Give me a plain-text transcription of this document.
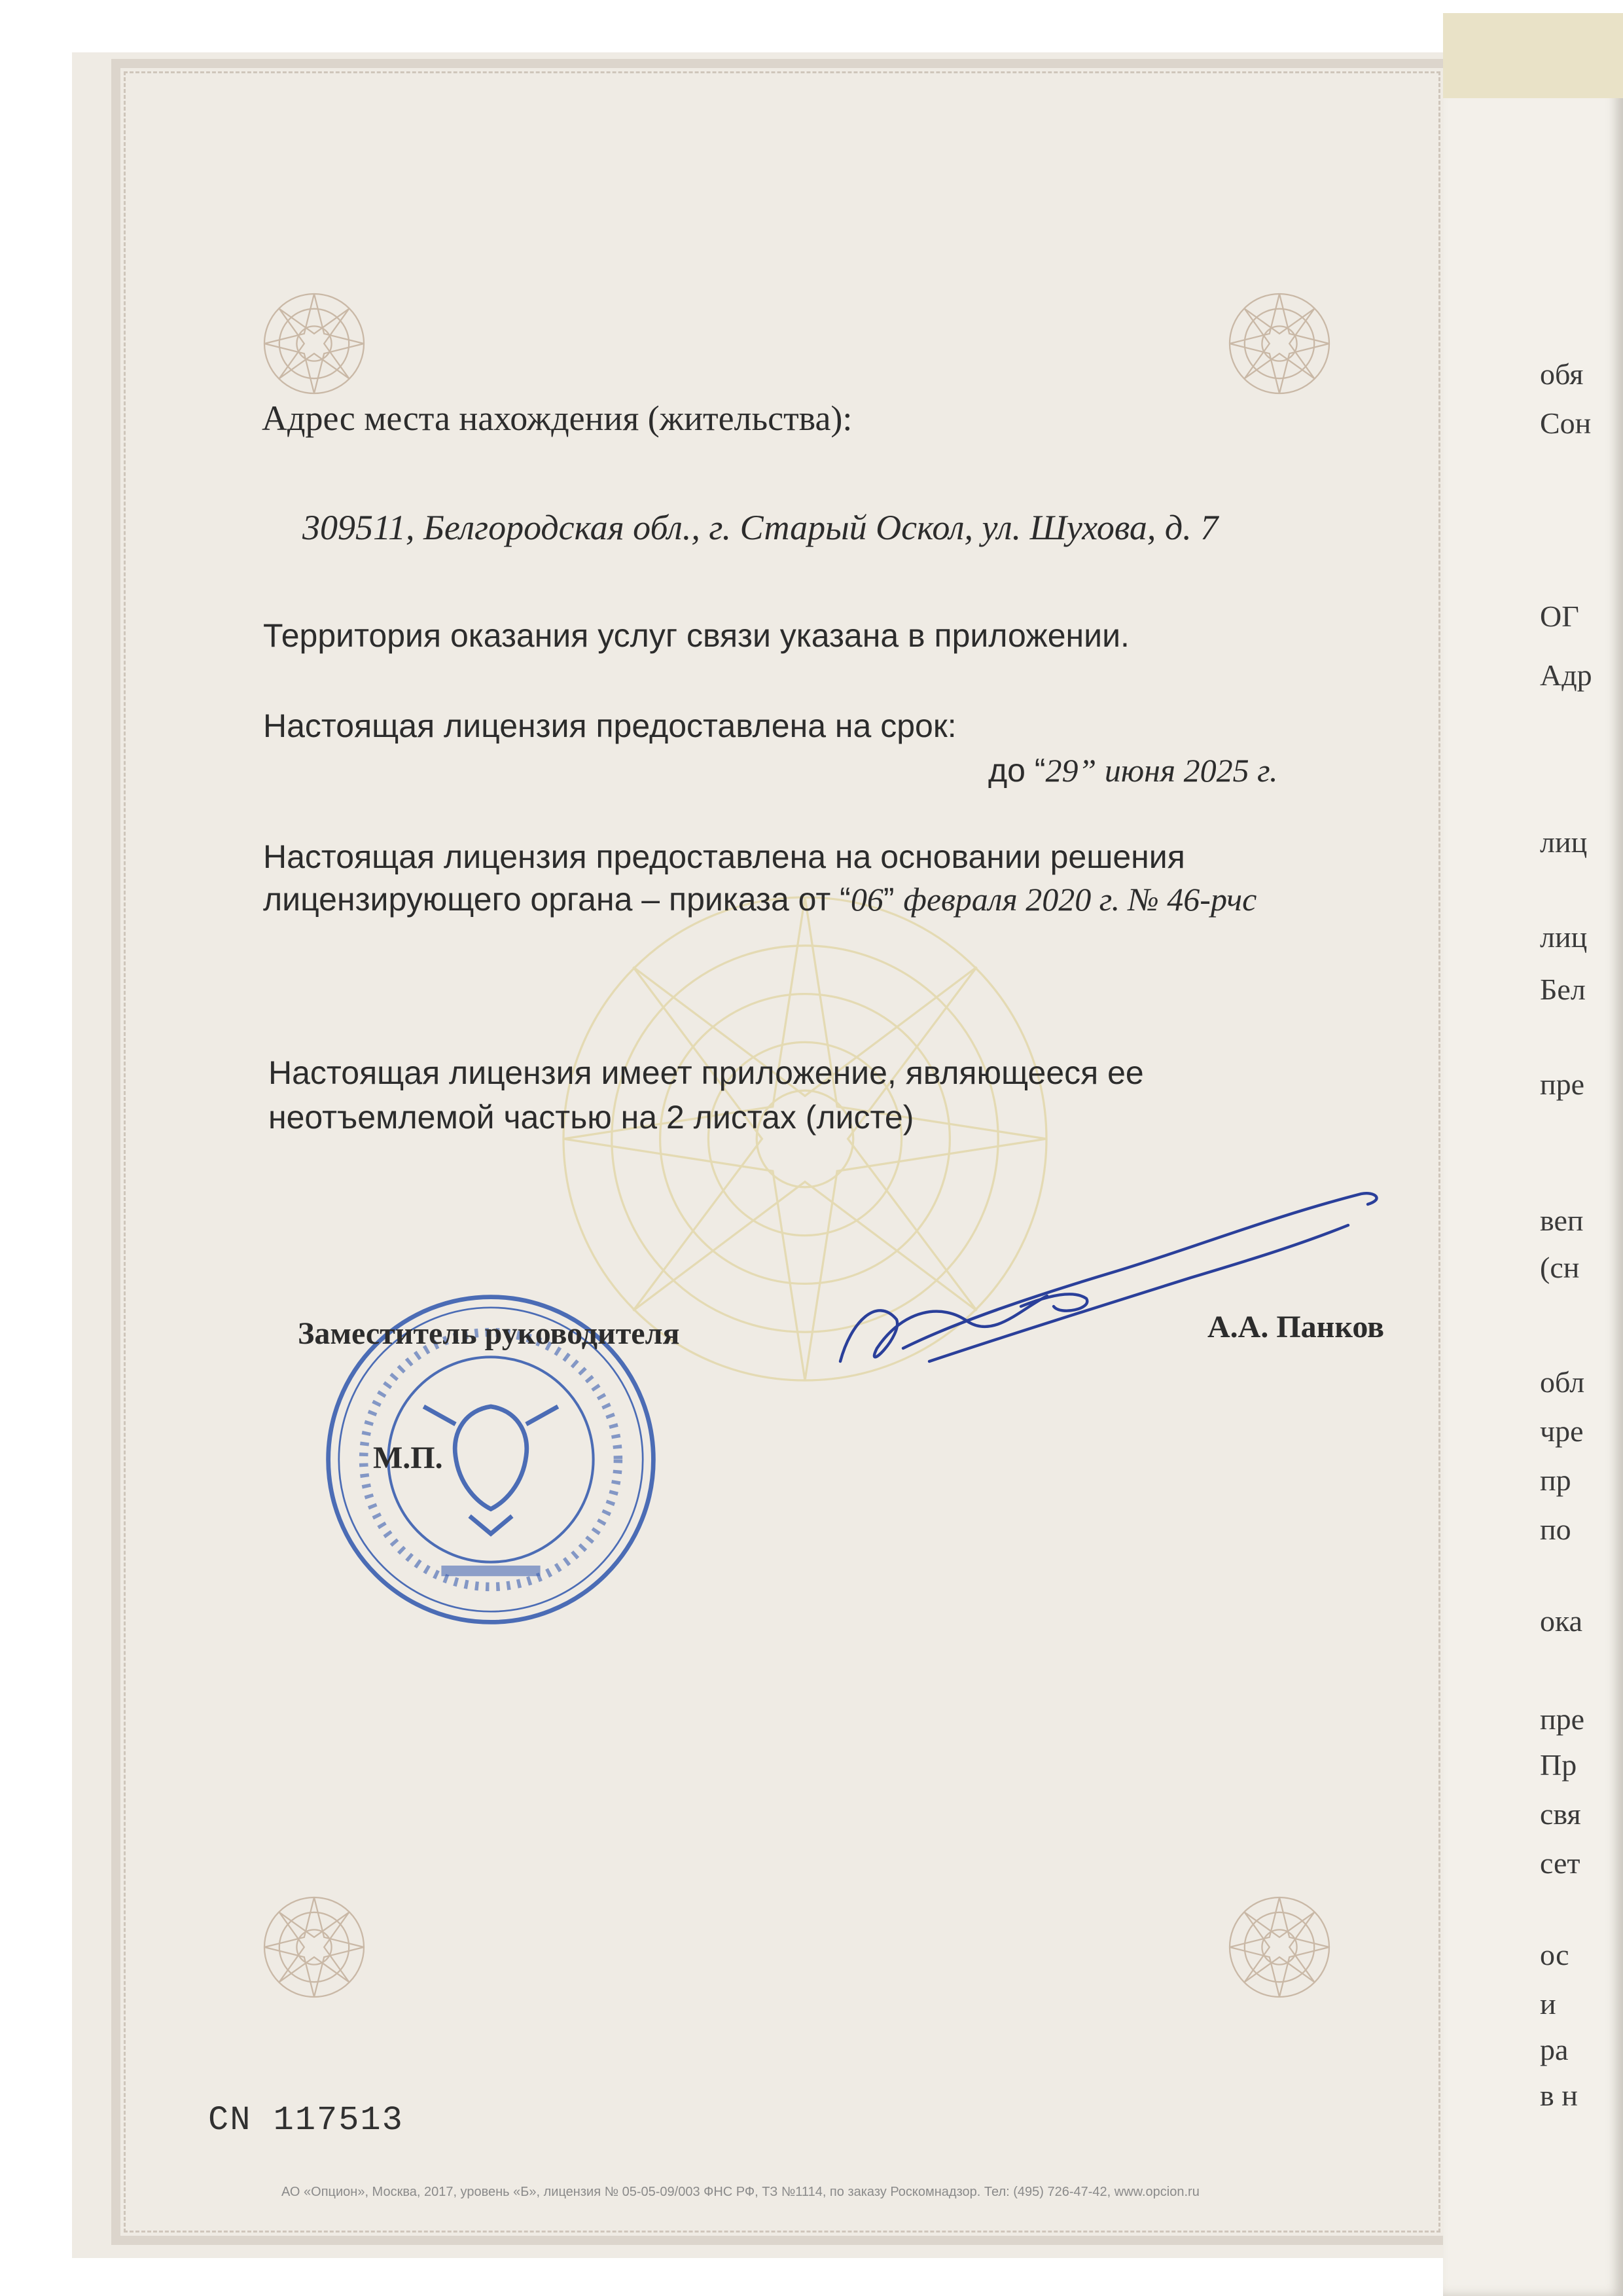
Адрес места нахождения (жительства):
309511, Белгородская обл., г. Старый Оскол, ул. Шухова, д. 7
Территория оказания услуг связи указана в приложении.
Настоящая лицензия предоставлена на срок:
до “29” июня 2025 г.
Настоящая лицензия предоставлена на основании решения
лицензирующего органа – приказа от “06” февраля 2020 г. № 46-рчс
Настоящая лицензия имеет приложение, являющееся ее
неотъемлемой частью на 2 листах (листе)
Заместитель руководителя	А.А. Панков
М.П.
CN 117513
АО «Опцион», Москва, 2017, уровень «Б», лицензия № 05-05-09/003 ФНС РФ, ТЗ №1114, по заказу Роскомнадзор. Тел: (495) 726-47-42, www.opcion.ru
обя
Сон
ОГ
Адр
лиц
лиц
Бел
пре
веп
(сн
обл
чре
пр
по
ока
пре
Пр
свя
сет
ос
и
ра
в н
